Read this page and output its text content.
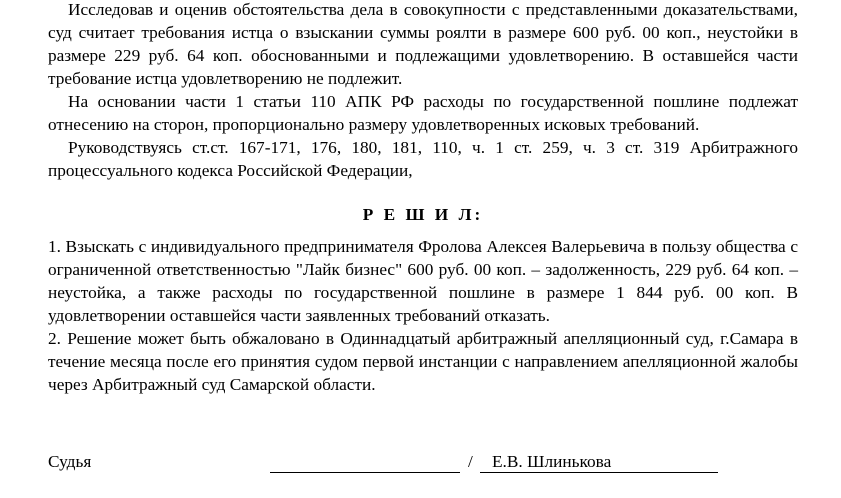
Исследовав и оценив обстоятельства дела в совокупности с представленными доказательствами, суд считает требования истца о взыскании суммы роялти в размере 600 руб. 00 коп., неустойки в размере 229 руб. 64 коп. обоснованными и подлежащими удовлетворению. В оставшейся части требование истца удовлетворению не подлежит.

На основании части 1 статьи 110 АПК РФ расходы по государственной пошлине подлежат отнесению на сторон, пропорционально размеру удовлетворенных исковых требований.

Руководствуясь ст.ст. 167-171, 176, 180, 181, 110, ч. 1 ст. 259, ч. 3 ст. 319 Арбитражного процессуального кодекса Российской Федерации,

Р Е Ш И Л:

1. Взыскать с индивидуального предпринимателя Фролова Алексея Валерьевича в пользу общества с ограниченной ответственностью "Лайк бизнес" 600 руб. 00 коп. – задолженность, 229 руб. 64 коп. – неустойка, а также расходы по государственной пошлине в размере 1 844 руб. 00 коп. В удовлетворении оставшейся части заявленных требований отказать.

2. Решение может быть обжаловано в Одиннадцатый арбитражный апелляционный суд, г.Самара в течение месяца после его принятия судом первой инстанции с направлением апелляционной жалобы через Арбитражный суд Самарской области.

Судья	/ Е.В. Шлинькова
